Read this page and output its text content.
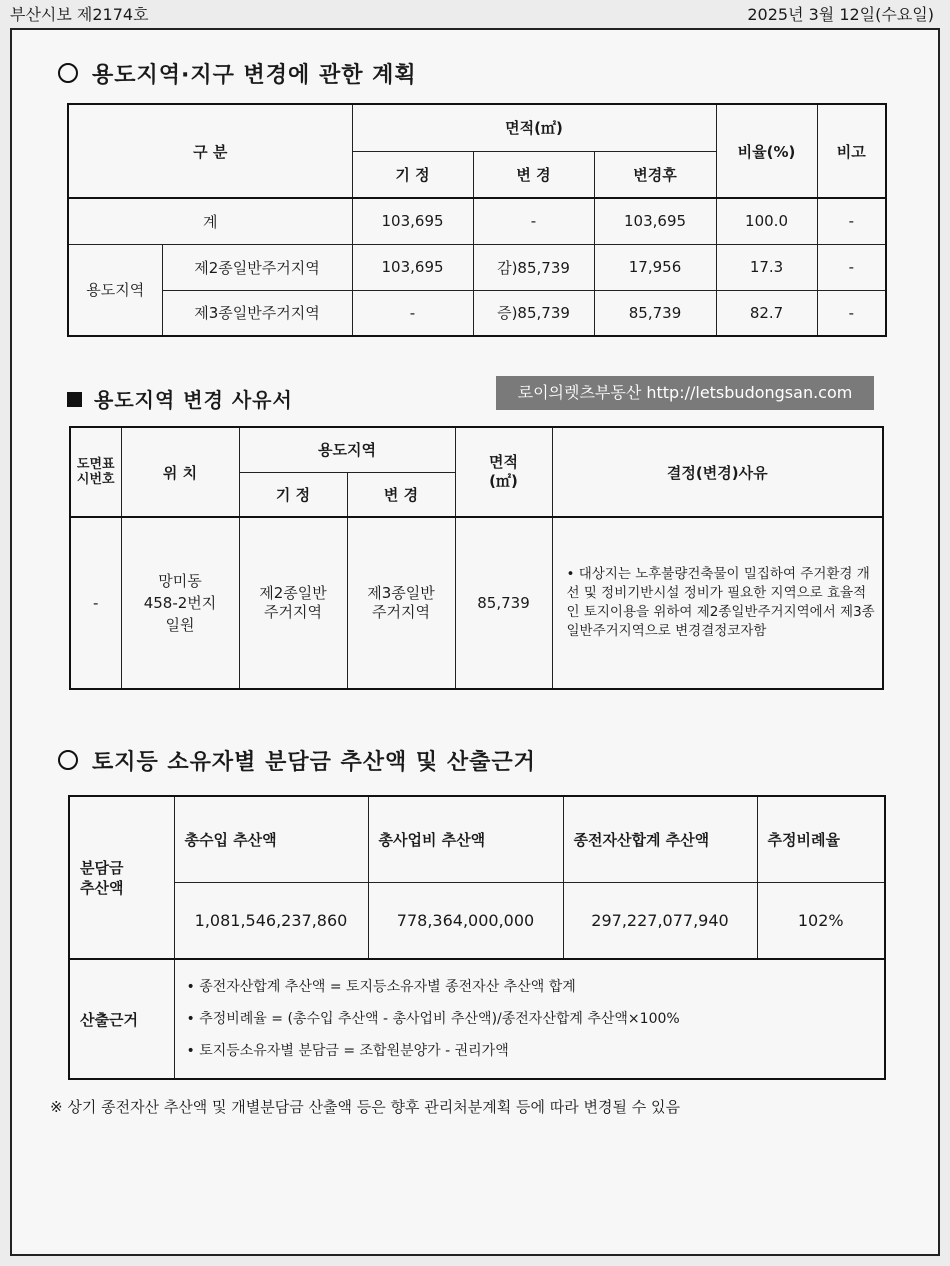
부산시보 제2174호	2025년 3월 12일(수요일)
용도지역·지구 변경에 관한 계획
구 분		면적(㎡)			비율(%)	비고
		기 정	변 경	변경후		
계		103,695	-	103,695	100.0	-
용도지역	제2종일반주거지역	103,695	감)85,739	17,956	17.3	-
	제3종일반주거지역	-	증)85,739	85,739	82.7	-
용도지역 변경 사유서	로이의렛츠부동산 http://letsbudongsan.com
도면표시번호	위 치	용도지역		면적(㎡)	결정(변경)사유
		기 정	변 경		
-	망미동 458-2번지 일원	제2종일반 주거지역	제3종일반 주거지역	85,739	• 대상지는 노후불량건축물이 밀집하여 주거환경 개선 및 정비기반시설 정비가 필요한 지역으로 효율적인 토지이용을 위하여 제2종일반주거지역에서 제3종일반주거지역으로 변경결정코자함
토지등 소유자별 분담금 추산액 및 산출근거
분담금 추산액	총수입 추산액	총사업비 추산액	종전자산합계 추산액	추정비례율
	1,081,546,237,860	778,364,000,000	297,227,077,940	102%
산출근거	• 종전자산합계 추산액 = 토지등소유자별 종전자산 추산액 합계
• 추정비례율 = (총수입 추산액 - 총사업비 추산액)/종전자산합계 추산액×100%
• 토지등소유자별 분담금 = 조합원분양가 - 권리가액			
※ 상기 종전자산 추산액 및 개별분담금 산출액 등은 향후 관리처분계획 등에 따라 변경될 수 있음
